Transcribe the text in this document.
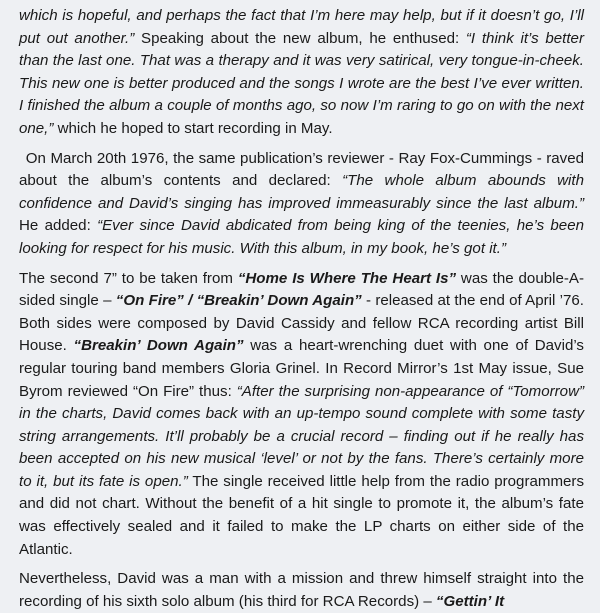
which is hopeful, and perhaps the fact that I’m here may help, but if it doesn’t go, I’ll put out another.” Speaking about the new album, he enthused: “I think it’s better than the last one. That was a therapy and it was very satirical, very tongue-in-cheek. This new one is better produced and the songs I wrote are the best I’ve ever written. I finished the album a couple of months ago, so now I’m raring to go on with the next one,” which he hoped to start recording in May.

On March 20th 1976, the same publication’s reviewer - Ray Fox-Cummings - raved about the album’s contents and declared: “The whole album abounds with confidence and David’s singing has improved immeasurably since the last album.” He added: “Ever since David abdicated from being king of the teenies, he’s been looking for respect for his music. With this album, in my book, he’s got it.”

The second 7” to be taken from “Home Is Where The Heart Is” was the double-A-sided single – “On Fire” / “Breakin’ Down Again” - released at the end of April ’76. Both sides were composed by David Cassidy and fellow RCA recording artist Bill House. “Breakin’ Down Again” was a heart-wrenching duet with one of David’s regular touring band members Gloria Grinel. In Record Mirror’s 1st May issue, Sue Byrom reviewed “On Fire” thus: “After the surprising non-appearance of “Tomorrow” in the charts, David comes back with an up-tempo sound complete with some tasty string arrangements. It’ll probably be a crucial record – finding out if he really has been accepted on his new musical ‘level’ or not by the fans. There’s certainly more to it, but its fate is open.” The single received little help from the radio programmers and did not chart. Without the benefit of a hit single to promote it, the album’s fate was effectively sealed and it failed to make the LP charts on either side of the Atlantic.

Nevertheless, David was a man with a mission and threw himself straight into the recording of his sixth solo album (his third for RCA Records) – “Gettin’ It
